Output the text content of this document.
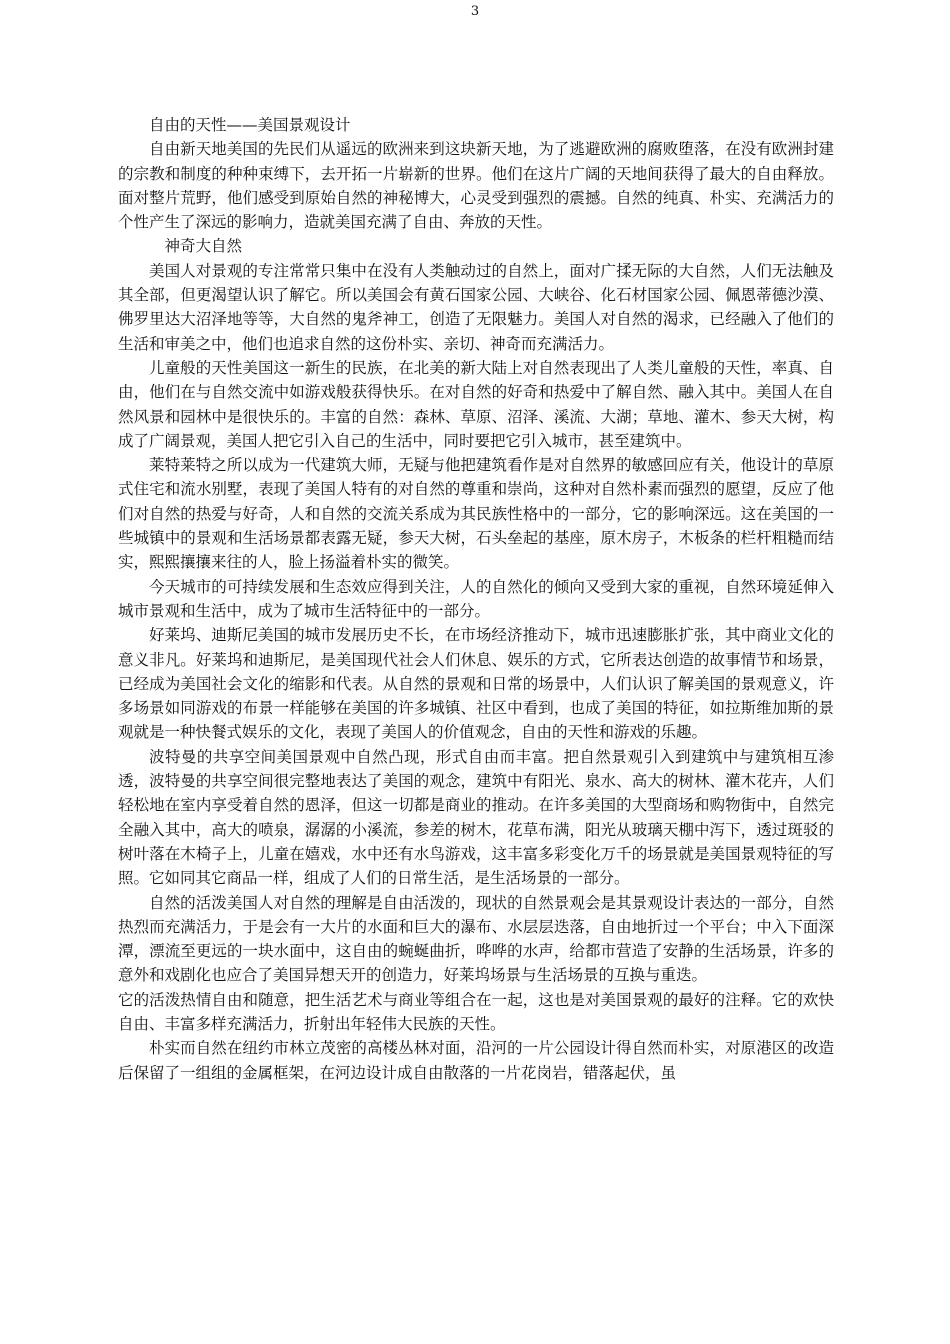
3

自由的天性——美国景观设计

自由新天地美国的先民们从遥远的欧洲来到这块新天地，为了逃避欧洲的腐败堕落，在没有欧洲封建的宗教和制度的种种束缚下，去开拓一片崭新的世界。他们在这片广阔的天地间获得了最大的自由释放。面对整片荒野，他们感受到原始自然的神秘博大，心灵受到强烈的震撼。自然的纯真、朴实、充满活力的个性产生了深远的影响力，造就美国充满了自由、奔放的天性。

神奇大自然

美国人对景观的专注常常只集中在没有人类触动过的自然上，面对广揉无际的大自然，人们无法触及其全部，但更渴望认识了解它。所以美国会有黄石国家公园、大峡谷、化石材国家公园、佩恩蒂德沙漠、佛罗里达大沼泽地等等，大自然的鬼斧神工，创造了无限魅力。美国人对自然的渴求，已经融入了他们的生活和审美之中，他们也追求自然的这份朴实、亲切、神奇而充满活力。

儿童般的天性美国这一新生的民族，在北美的新大陆上对自然表现出了人类儿童般的天性，率真、自由，他们在与自然交流中如游戏般获得快乐。在对自然的好奇和热爱中了解自然、融入其中。美国人在自然风景和园林中是很快乐的。丰富的自然：森林、草原、沼泽、溪流、大湖；草地、灌木、参天大树，构成了广阔景观，美国人把它引入自己的生活中，同时要把它引入城市，甚至建筑中。

莱特莱特之所以成为一代建筑大师，无疑与他把建筑看作是对自然界的敏感回应有关，他设计的草原式住宅和流水别墅，表现了美国人特有的对自然的尊重和崇尚，这种对自然朴素而强烈的愿望，反应了他们对自然的热爱与好奇，人和自然的交流关系成为其民族性格中的一部分，它的影响深远。这在美国的一些城镇中的景观和生活场景都表露无疑，参天大树，石头垒起的基座，原木房子，木板条的栏杆粗糙而结实，熙熙攘攘来往的人，脸上扬溢着朴实的微笑。

今天城市的可持续发展和生态效应得到关注，人的自然化的倾向又受到大家的重视，自然环境延伸入城市景观和生活中，成为了城市生活特征中的一部分。

好莱坞、迪斯尼美国的城市发展历史不长，在市场经济推动下，城市迅速膨胀扩张，其中商业文化的意义非凡。好莱坞和迪斯尼，是美国现代社会人们休息、娱乐的方式，它所表达创造的故事情节和场景，已经成为美国社会文化的缩影和代表。从自然的景观和日常的场景中，人们认识了解美国的景观意义，许多场景如同游戏的布景一样能够在美国的许多城镇、社区中看到，也成了美国的特征，如拉斯维加斯的景观就是一种快餐式娱乐的文化，表现了美国人的价值观念，自由的天性和游戏的乐趣。

波特曼的共享空间美国景观中自然凸现，形式自由而丰富。把自然景观引入到建筑中与建筑相互渗透，波特曼的共享空间很完整地表达了美国的观念，建筑中有阳光、泉水、高大的树林、灌木花卉，人们轻松地在室内享受着自然的恩泽，但这一切都是商业的推动。在许多美国的大型商场和购物街中，自然完全融入其中，高大的喷泉，潺潺的小溪流，参差的树木，花草布满，阳光从玻璃天棚中泻下，透过斑驳的树叶落在木椅子上，儿童在嬉戏，水中还有水鸟游戏，这丰富多彩变化万千的场景就是美国景观特征的写照。它如同其它商品一样，组成了人们的日常生活，是生活场景的一部分。

自然的活泼美国人对自然的理解是自由活泼的，现状的自然景观会是其景观设计表达的一部分，自然热烈而充满活力，于是会有一大片的水面和巨大的瀑布、水层层迭落，自由地折过一个平台；中入下面深潭，漂流至更远的一块水面中，这自由的蜿蜒曲折，哗哗的水声，给都市营造了安静的生活场景，许多的意外和戏剧化也应合了美国异想天开的创造力，好莱坞场景与生活场景的互换与重迭。

它的活泼热情自由和随意，把生活艺术与商业等组合在一起，这也是对美国景观的最好的注释。它的欢快自由、丰富多样充满活力，折射出年轻伟大民族的天性。

朴实而自然在纽约市林立茂密的高楼丛林对面，沿河的一片公园设计得自然而朴实，对原港区的改造后保留了一组组的金属框架，在河边设计成自由散落的一片花岗岩，错落起伏，虽
